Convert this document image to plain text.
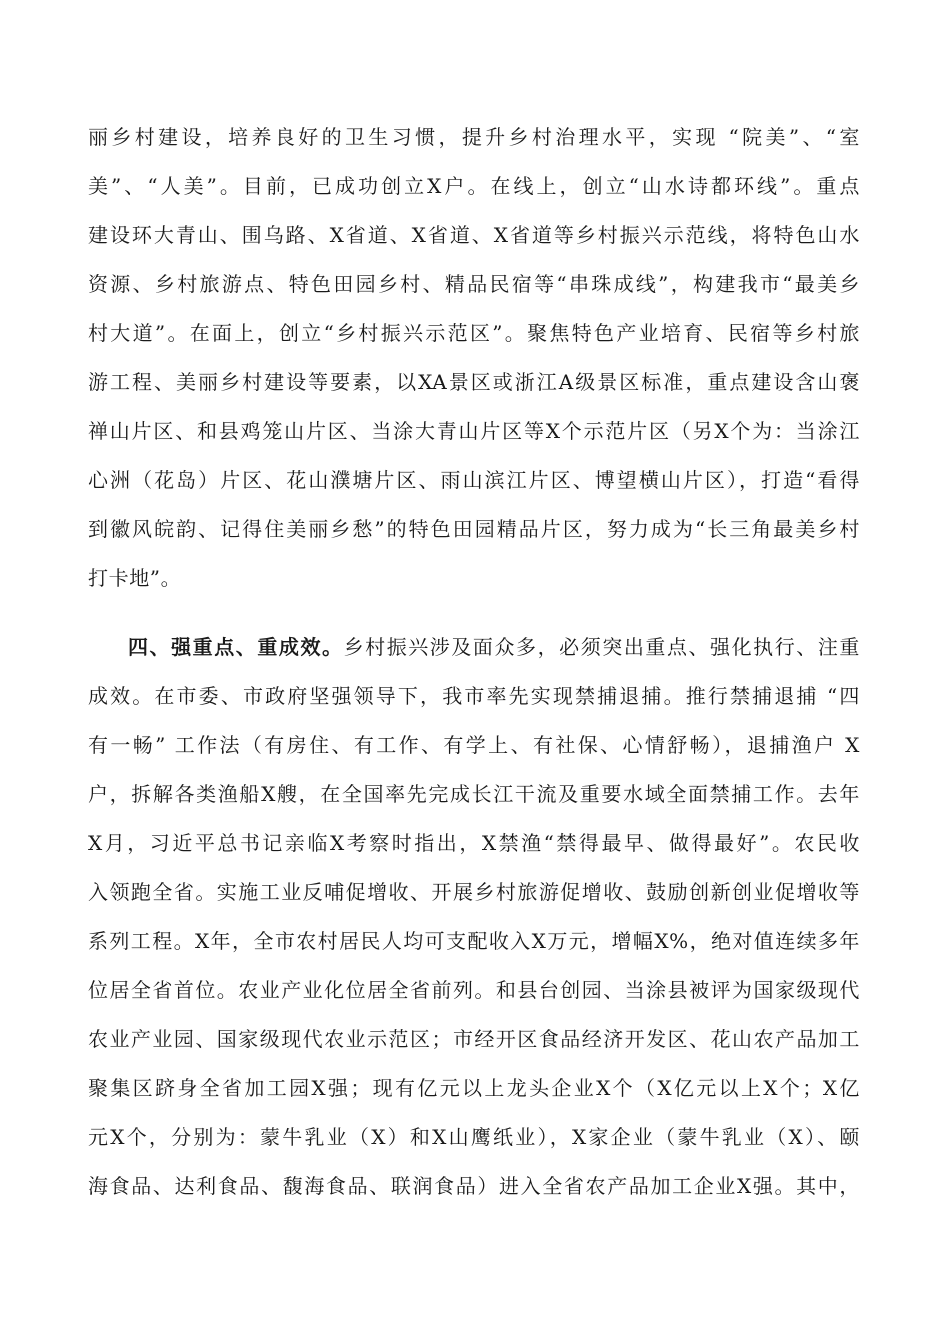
丽乡村建设，培养良好的卫生习惯，提升乡村治理水平，实现 “院美”、“室
美”、“人美”。目前，已成功创立X户。在线上，创立“山水诗都环线”。重点
建设环大青山、围乌路、X省道、X省道、X省道等乡村振兴示范线，将特色山水
资源、乡村旅游点、特色田园乡村、精品民宿等“串珠成线”，构建我市“最美乡
村大道”。在面上，创立“乡村振兴示范区”。聚焦特色产业培育、民宿等乡村旅
游工程、美丽乡村建设等要素，以XA景区或浙江A级景区标准，重点建设含山褒
禅山片区、和县鸡笼山片区、当涂大青山片区等X个示范片区（另X个为：当涂江
心洲（花岛）片区、花山濮塘片区、雨山滨江片区、博望横山片区），打造“看得
到徽风皖韵、记得住美丽乡愁”的特色田园精品片区，努力成为“长三角最美乡村
打卡地”。
四、强重点、重成效。乡村振兴涉及面众多，必须突出重点、强化执行、注重
成效。在市委、市政府坚强领导下，我市率先实现禁捕退捕。推行禁捕退捕 “四
有一畅” 工作法（有房住、有工作、有学上、有社保、心情舒畅），退捕渔户 X
户，拆解各类渔船X艘，在全国率先完成长江干流及重要水域全面禁捕工作。去年
X月，习近平总书记亲临X考察时指出，X禁渔“禁得最早、做得最好”。农民收
入领跑全省。实施工业反哺促增收、开展乡村旅游促增收、鼓励创新创业促增收等
系列工程。X年，全市农村居民人均可支配收入X万元，增幅X%，绝对值连续多年
位居全省首位。农业产业化位居全省前列。和县台创园、当涂县被评为国家级现代
农业产业园、国家级现代农业示范区；市经开区食品经济开发区、花山农产品加工
聚集区跻身全省加工园X强；现有亿元以上龙头企业X个（X亿元以上X个；X亿
元X个，分别为：蒙牛乳业（X）和X山鹰纸业），X家企业（蒙牛乳业（X）、颐
海食品、达利食品、馥海食品、联润食品）进入全省农产品加工企业X强。其中，
